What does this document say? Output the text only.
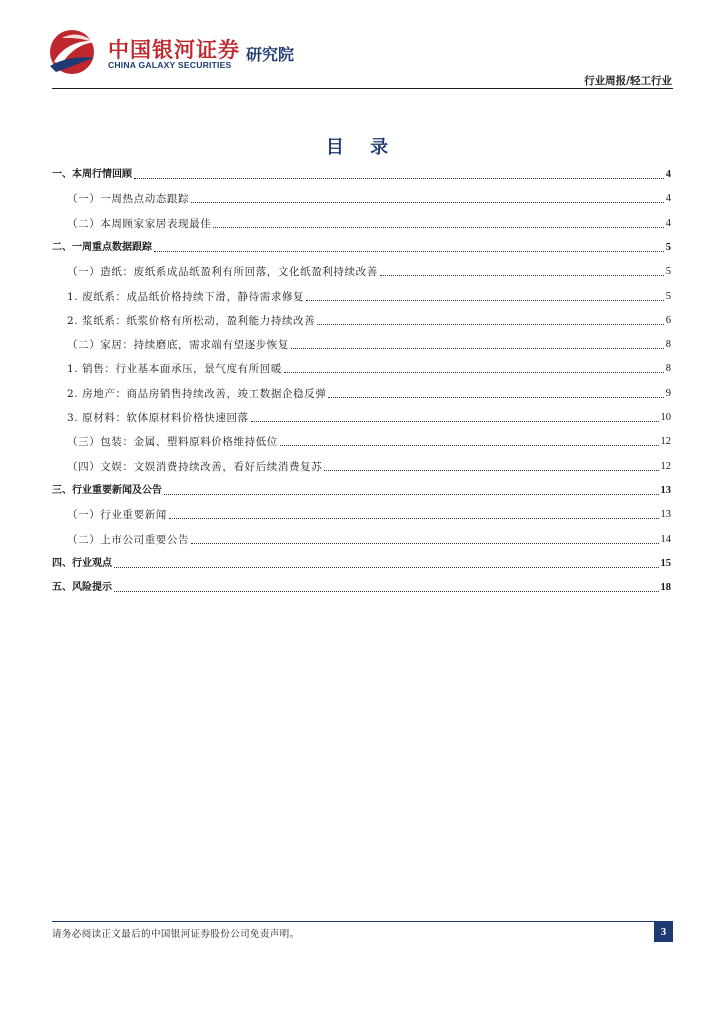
中国银河证券
CHINA GALAXY SECURITIES
研究院
行业周报/轻工行业
目 录
一、本周行情回顾	4
（一）一周热点动态跟踪	4
（二）本周顾家家居表现最佳	4
二、一周重点数据跟踪	5
（一）造纸：废纸系成品纸盈利有所回落，文化纸盈利持续改善	5
1. 废纸系：成品纸价格持续下滑，静待需求修复	5
2. 浆纸系：纸浆价格有所松动，盈利能力持续改善	6
（二）家居：持续磨底，需求端有望逐步恢复	8
1. 销售：行业基本面承压，景气度有所回暖	8
2. 房地产：商品房销售持续改善，竣工数据企稳反弹	9
3. 原材料：软体原材料价格快速回落	10
（三）包装：金属、塑料原料价格维持低位	12
（四）文娱：文娱消费持续改善，看好后续消费复苏	12
三、行业重要新闻及公告	13
（一）行业重要新闻	13
（二）上市公司重要公告	14
四、行业观点	15
五、风险提示	18
请务必阅读正文最后的中国银河证券股份公司免责声明。	3
